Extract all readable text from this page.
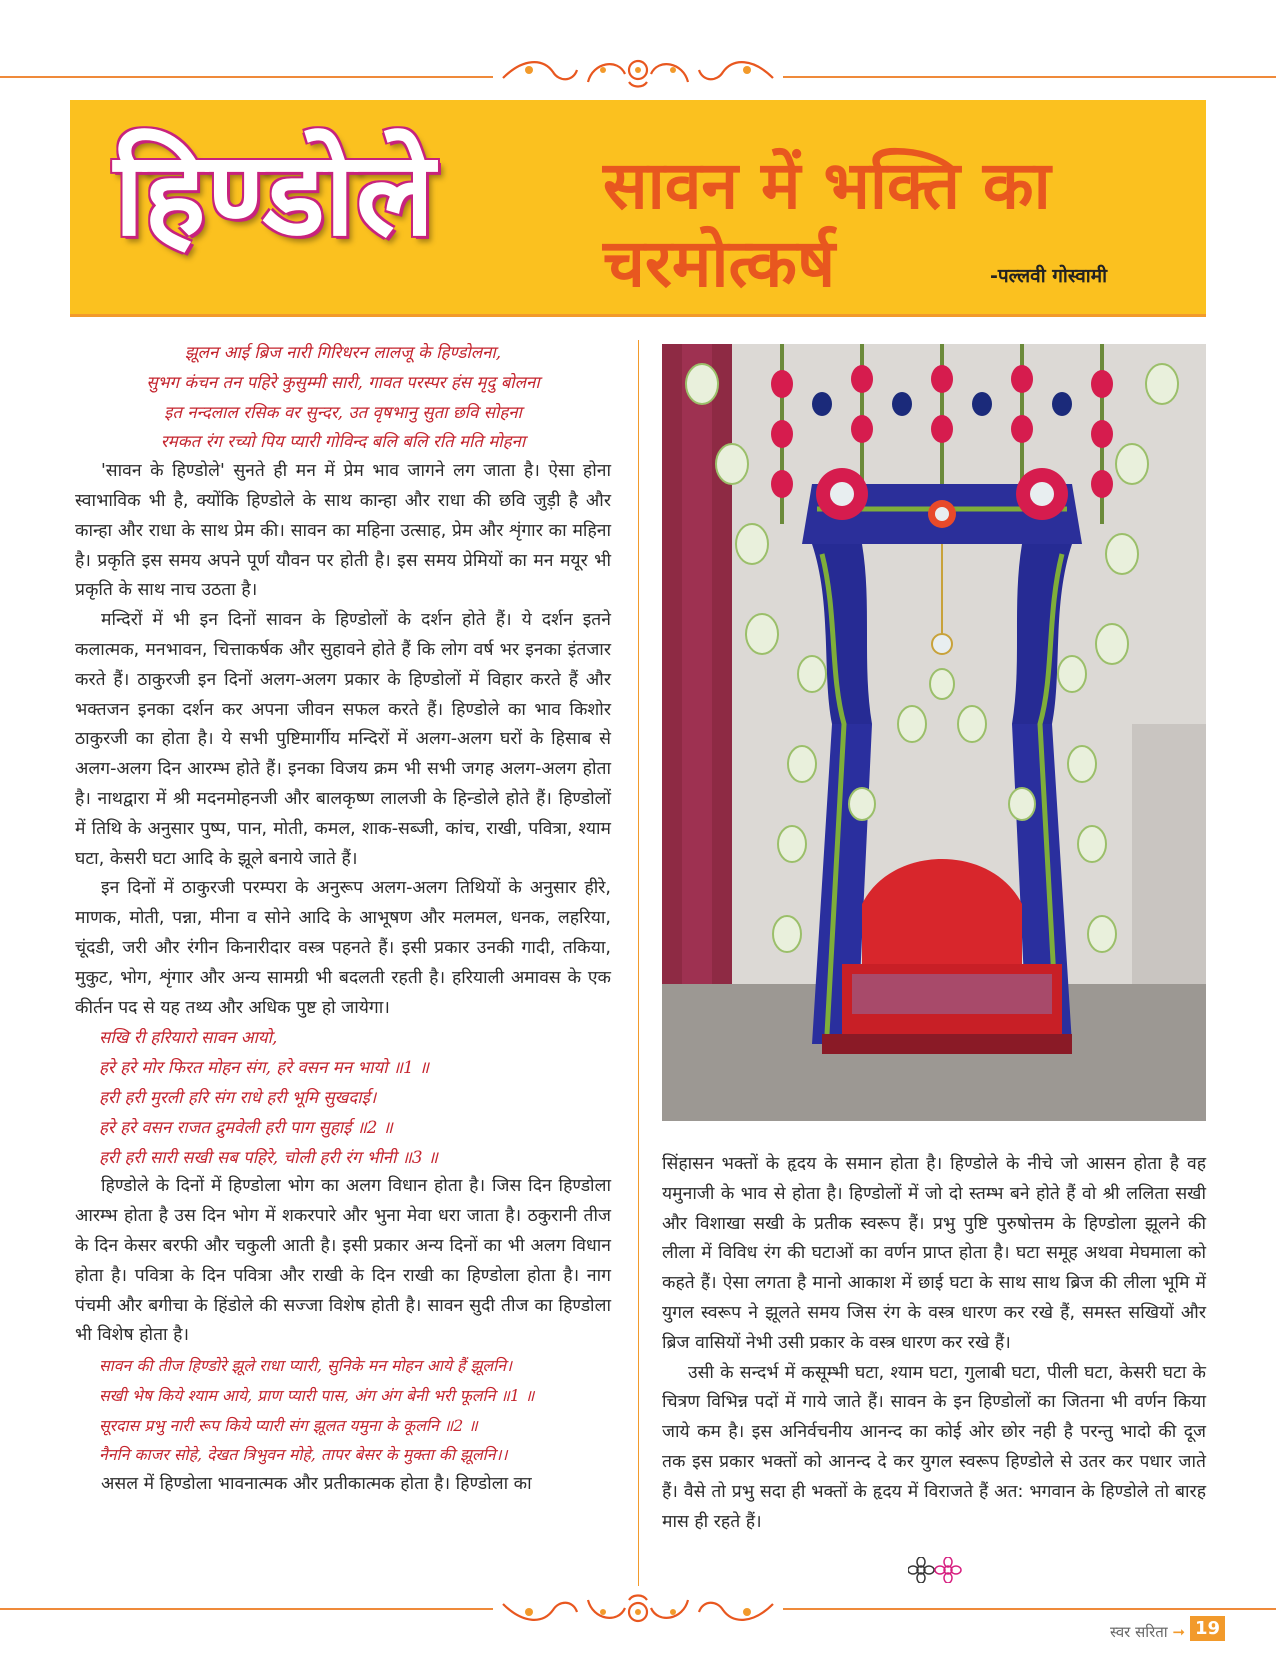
हिण्डोले	सावन में भक्ति का
चरमोत्कर्ष	-पल्लवी गोस्वामी
झूलन आई ब्रिज नारी गिरिधरन लालजू के हिण्डोलना,
सुभग कंचन तन पहिरे कुसुम्मी सारी, गावत परस्पर हंस मृदु बोलना
इत नन्दलाल रसिक वर सुन्दर, उत वृषभानु सुता छवि सोहना
रमकत रंग रच्यो पिय प्यारी गोविन्द बलि बलि रति मति मोहना

'सावन के हिण्डोले' सुनते ही मन में प्रेम भाव जागने लग जाता है। ऐसा होना स्वाभाविक भी है, क्योंकि हिण्डोले के साथ कान्हा और राधा की छवि जुड़ी है और कान्हा और राधा के साथ प्रेम की। सावन का महिना उत्साह, प्रेम और शृंगार का महिना है। प्रकृति इस समय अपने पूर्ण यौवन पर होती है। इस समय प्रेमियों का मन मयूर भी प्रकृति के साथ नाच उठता है।

मन्दिरों में भी इन दिनों सावन के हिण्डोलों के दर्शन होते हैं। ये दर्शन इतने कलात्मक, मनभावन, चित्ताकर्षक और सुहावने होते हैं कि लोग वर्ष भर इनका इंतजार करते हैं। ठाकुरजी इन दिनों अलग-अलग प्रकार के हिण्डोलों में विहार करते हैं और भक्तजन इनका दर्शन कर अपना जीवन सफल करते हैं। हिण्डोले का भाव किशोर ठाकुरजी का होता है। ये सभी पुष्टिमार्गीय मन्दिरों में अलग-अलग घरों के हिसाब से अलग-अलग दिन आरम्भ होते हैं। इनका विजय क्रम भी सभी जगह अलग-अलग होता है। नाथद्वारा में श्री मदनमोहनजी और बालकृष्ण लालजी के हिन्डोले होते हैं। हिण्डोलों में तिथि के अनुसार पुष्प, पान, मोती, कमल, शाक-सब्जी, कांच, राखी, पवित्रा, श्याम घटा, केसरी घटा आदि के झूले बनाये जाते हैं।

इन दिनों में ठाकुरजी परम्परा के अनुरूप अलग-अलग तिथियों के अनुसार हीरे, माणक, मोती, पन्ना, मीना व सोने आदि के आभूषण और मलमल, धनक, लहरिया, चूंदडी, जरी और रंगीन किनारीदार वस्त्र पहनते हैं। इसी प्रकार उनकी गादी, तकिया, मुकुट, भोग, शृंगार और अन्य सामग्री भी बदलती रहती है। हरियाली अमावस के एक कीर्तन पद से यह तथ्य और अधिक पुष्ट हो जायेगा।

सखि री हरियारो सावन आयो,
हरे हरे मोर फिरत मोहन संग, हरे वसन मन भायो ॥1 ॥
हरी हरी मुरली हरि संग राधे हरी भूमि सुखदाई।
हरे हरे वसन राजत द्रुमवेली हरी पाग सुहाई ॥2 ॥
हरी हरी सारी सखी सब पहिरे, चोली हरी रंग भीनी ॥3 ॥

हिण्डोले के दिनों में हिण्डोला भोग का अलग विधान होता है। जिस दिन हिण्डोला आरम्भ होता है उस दिन भोग में शकरपारे और भुना मेवा धरा जाता है। ठकुरानी तीज के दिन केसर बरफी और चकुली आती है। इसी प्रकार अन्य दिनों का भी अलग विधान होता है। पवित्रा के दिन पवित्रा और राखी के दिन राखी का हिण्डोला होता है। नाग पंचमी और बगीचा के हिंडोले की सज्जा विशेष होती है। सावन सुदी तीज का हिण्डोला भी विशेष होता है।

सावन की तीज हिण्डोरे झूले राधा प्यारी, सुनिके मन मोहन आये हैं झूलनि।
सखी भेष किये श्याम आये, प्राण प्यारी पास, अंग अंग बेनी भरी फूलनि ॥1 ॥
सूरदास प्रभु नारी रूप किये प्यारी संग झूलत यमुना के कूलनि ॥2 ॥
नैननि काजर सोहे, देखत त्रिभुवन मोहे, तापर बेसर के मुक्ता की झूलनि।।

असल में हिण्डोला भावनात्मक और प्रतीकात्मक होता है। हिण्डोला का

सिंहासन भक्तों के हृदय के समान होता है। हिण्डोले के नीचे जो आसन होता है वह यमुनाजी के भाव से होता है। हिण्डोलों में जो दो स्तम्भ बने होते हैं वो श्री ललिता सखी और विशाखा सखी के प्रतीक स्वरूप हैं। प्रभु पुष्टि पुरुषोत्तम के हिण्डोला झूलने की लीला में विविध रंग की घटाओं का वर्णन प्राप्त होता है। घटा समूह अथवा मेघमाला को कहते हैं। ऐसा लगता है मानो आकाश में छाई घटा के साथ साथ ब्रिज की लीला भूमि में युगल स्वरूप ने झूलते समय जिस रंग के वस्त्र धारण कर रखे हैं, समस्त सखियों और ब्रिज वासियों नेभी उसी प्रकार के वस्त्र धारण कर रखे हैं।

उसी के सन्दर्भ में कसूम्भी घटा, श्याम घटा, गुलाबी घटा, पीली घटा, केसरी घटा के चित्रण विभिन्न पदों में गाये जाते हैं। सावन के इन हिण्डोलों का जितना भी वर्णन किया जाये कम है। इस अनिर्वचनीय आनन्द का कोई ओर छोर नही है परन्तु भादो की दूज तक इस प्रकार भक्तों को आनन्द दे कर युगल स्वरूप हिण्डोले से उतर कर पधार जाते हैं। वैसे तो प्रभु सदा ही भक्तों के हृदय में विराजते हैं अत: भगवान के हिण्डोले तो बारह मास ही रहते हैं।

स्वर सरिता ➞ 19
